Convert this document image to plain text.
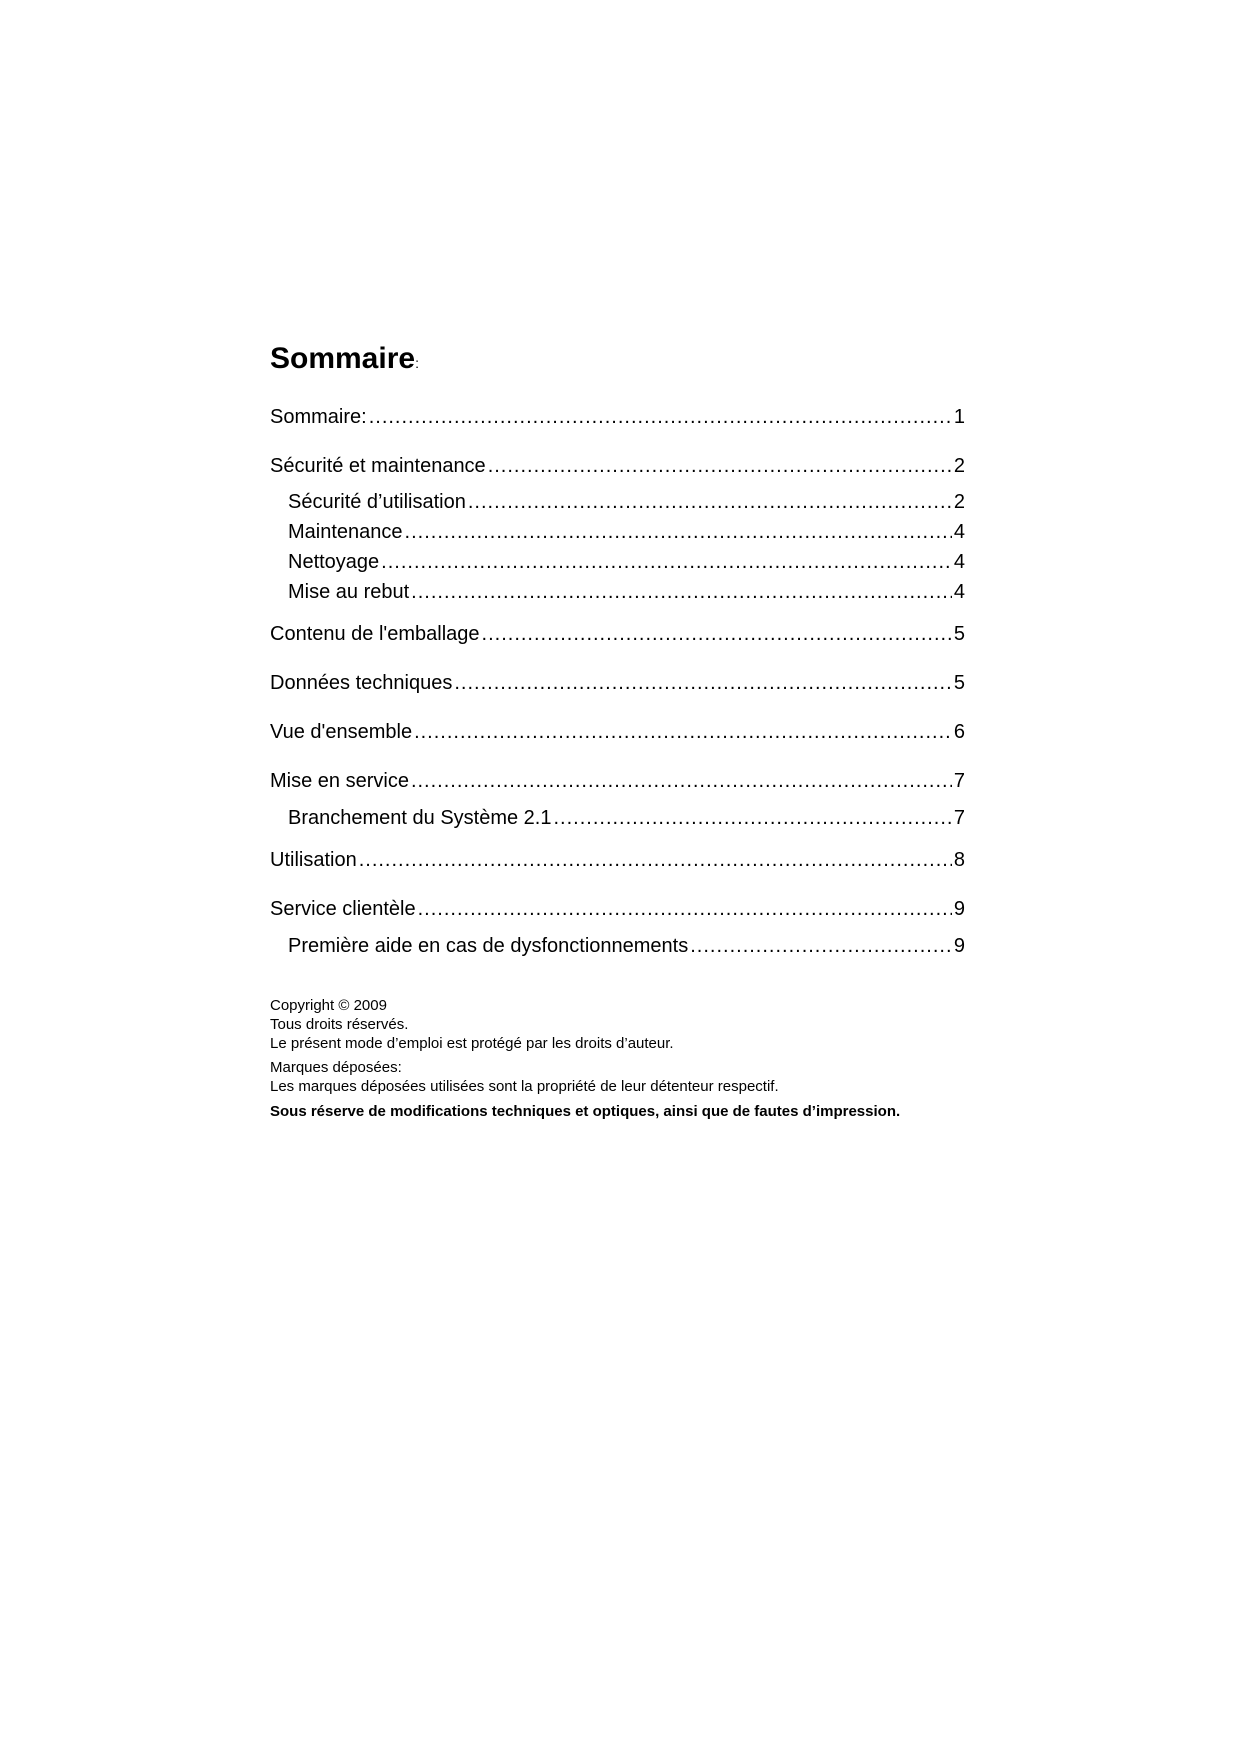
Sommaire:
Sommaire: .....	1
Sécurité et maintenance .....	2
Sécurité d’utilisation .....	2
Maintenance .....	4
Nettoyage .....	4
Mise au rebut .....	4
Contenu de l'emballage .....	5
Données techniques .....	5
Vue d'ensemble .....	6
Mise en service .....	7
Branchement du Système 2.1 .....	7
Utilisation .....	8
Service clientèle .....	9
Première aide en cas de dysfonctionnements .....	9

Copyright © 2009

Tous droits réservés.

Le présent mode d’emploi est protégé par les droits d’auteur.

Marques déposées:

Les marques déposées utilisées sont la propriété de leur détenteur respectif.

Sous réserve de modifications techniques et optiques, ainsi que de fautes d’impression.
